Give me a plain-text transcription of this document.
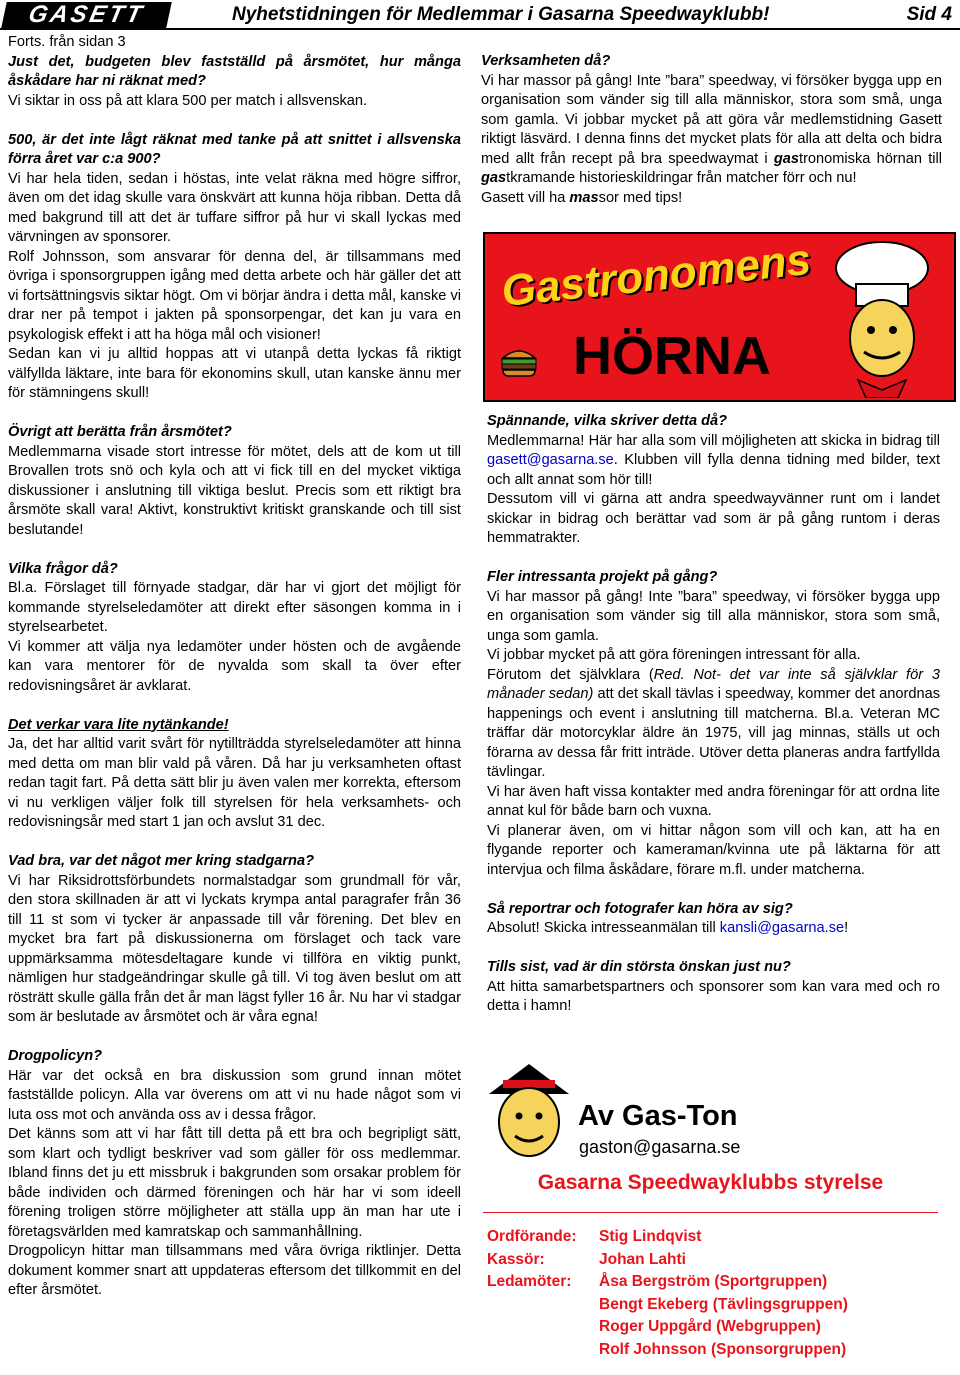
GASETT	Nyhetstidningen för Medlemmar i Gasarna Speedwayklubb!	Sid 4

Forts. från sidan 3

Just det, budgeten blev fastställd på årsmötet, hur många åskådare har ni räknat med?

Vi siktar in oss på att klara 500 per match i allsvenskan.

500, är det inte lågt räknat med tanke på att snittet i allsvenska förra året var c:a 900?

Vi har hela tiden, sedan i höstas, inte velat räkna med högre siffror, även om det idag skulle vara önskvärt att kunna höja ribban. Detta då med bakgrund till att det är tuffare siffror på hur vi skall lyckas med värvningen av sponsorer.

Rolf Johnsson, som ansvarar för denna del, är tillsammans med övriga i sponsorgruppen igång med detta arbete och här gäller det att vi fortsättningsvis siktar högt. Om vi börjar ändra i detta mål, kanske vi drar ner på tempot i jakten på sponsorpengar, det kan ju vara en psykologisk effekt i att ha höga mål och visioner!

Sedan kan vi ju alltid hoppas att vi utanpå detta lyckas få riktigt välfyllda läktare, inte bara för ekonomins skull, utan kanske ännu mer för stämningens skull!

Övrigt att berätta från årsmötet?

Medlemmarna visade stort intresse för mötet, dels att de kom ut till Brovallen trots snö och kyla och att vi fick till en del mycket viktiga diskussioner i anslutning till viktiga beslut. Precis som ett riktigt bra årsmöte skall vara! Aktivt, konstruktivt kritiskt granskande och till sist beslutande!

Vilka frågor då?

Bl.a. Förslaget till förnyade stadgar, där har vi gjort det möjligt för kommande styrelseledamöter att direkt efter säsongen komma in i styrelsearbetet.

Vi kommer att välja nya ledamöter under hösten och de avgående kan vara mentorer för de nyvalda som skall ta över efter redovisningsåret är avklarat.

Det verkar vara lite nytänkande!

Ja, det har alltid varit svårt för nytillträdda styrelseledamöter att hinna med detta om man blir vald på våren. Då har ju verksamheten oftast redan tagit fart. På detta sätt blir ju även valen mer korrekta, eftersom vi nu verkligen väljer folk till styrelsen för hela verksamhets- och redovisningsår med start 1 jan och avslut 31 dec.

Vad bra, var det något mer kring stadgarna?

Vi har Riksidrottsförbundets normalstadgar som grundmall för vår, den stora skillnaden är att vi lyckats krympa antal paragrafer från 36 till 11 st som vi tycker är anpassade till vår förening. Det blev en mycket bra fart på diskussionerna om förslaget och tack vare uppmärksamma mötesdeltagare kunde vi tillföra en viktig punkt, nämligen hur stadgeändringar skulle gå till. Vi tog även beslut om att rösträtt skulle gälla från det år man lägst fyller 16 år. Nu har vi stadgar som är beslutade av årsmötet och är våra egna!

Drogpolicyn?

Här var det också en bra diskussion som grund innan mötet fastställde policyn. Alla var överens om att vi nu hade något som vi luta oss mot och använda oss av i dessa frågor.

Det känns som att vi har fått till detta på ett bra och begripligt sätt, som klart och tydligt beskriver vad som gäller för oss medlemmar. Ibland finns det ju ett missbruk i bakgrunden som orsakar problem för både individen och därmed föreningen och här har vi som ideell förening troligen större möjligheter att ställa upp än man har ute i företagsvärlden med kamratskap och sammanhållning.

Drogpolicyn hittar man tillsammans med våra övriga riktlinjer. Detta dokument kommer snart att uppdateras eftersom det tillkommit en del efter årsmötet.

Verksamheten då?

Vi har massor på gång! Inte ”bara” speedway, vi försöker bygga upp en organisation som vänder sig till alla människor, stora som små, unga som gamla. Vi jobbar mycket på att göra vår medlemstidning Gasett riktigt läsvärd. I denna finns det mycket plats för alla att delta och bidra med allt från recept på bra speedwaymat i gastronomiska hörnan till gastkramande historieskildringar från matcher förr och nu!

Gasett vill ha massor med tips!

Gastronomens
HÖRNA

Spännande, vilka skriver detta då?

Medlemmarna! Här har alla som vill möjligheten att skicka in bidrag till gasett@gasarna.se. Klubben vill fylla denna tidning med bilder, text och allt annat som hör till!

Dessutom vill vi gärna att andra speedwayvänner runt om i landet skickar in bidrag och berättar vad som är på gång runtom i deras hemmatrakter.

Fler intressanta projekt på gång?

Vi har massor på gång! Inte ”bara” speedway, vi försöker bygga upp en organisation som vänder sig till alla människor, stora som små, unga som gamla.

Vi jobbar mycket på att göra föreningen intressant för alla.

Förutom det självklara (Red. Not- det var inte så självklar för 3 månader sedan) att det skall tävlas i speedway, kommer det anordnas happenings och event i anslutning till matcherna. Bl.a. Veteran MC träffar där motorcyklar äldre än 1975, vill jag minnas, ställs ut och förarna av dessa får fritt inträde. Utöver detta planeras andra fartfyllda tävlingar.

Vi har även haft vissa kontakter med andra föreningar för att ordna lite annat kul för både barn och vuxna.

Vi planerar även, om vi hittar någon som vill och kan, att ha en flygande reporter och kameraman/kvinna ute på läktarna för att intervjua och filma åskådare, förare m.fl. under matcherna.

Så reportrar och fotografer kan höra av sig?

Absolut! Skicka intresseanmälan till kansli@gasarna.se!

Tills sist, vad är din största önskan just nu?

Att hitta samarbetspartners och sponsorer som kan vara med och ro detta i hamn!

Av Gas-Ton
gaston@gasarna.se
Gasarna Speedwayklubbs styrelse
Ordförande:	Stig Lindqvist
Kassör:	Johan Lahti
Ledamöter:	Åsa Bergström (Sportgruppen)
Bengt Ekeberg (Tävlingsgruppen)
Roger Uppgård (Webgruppen)
Rolf Johnsson (Sponsorgruppen)
